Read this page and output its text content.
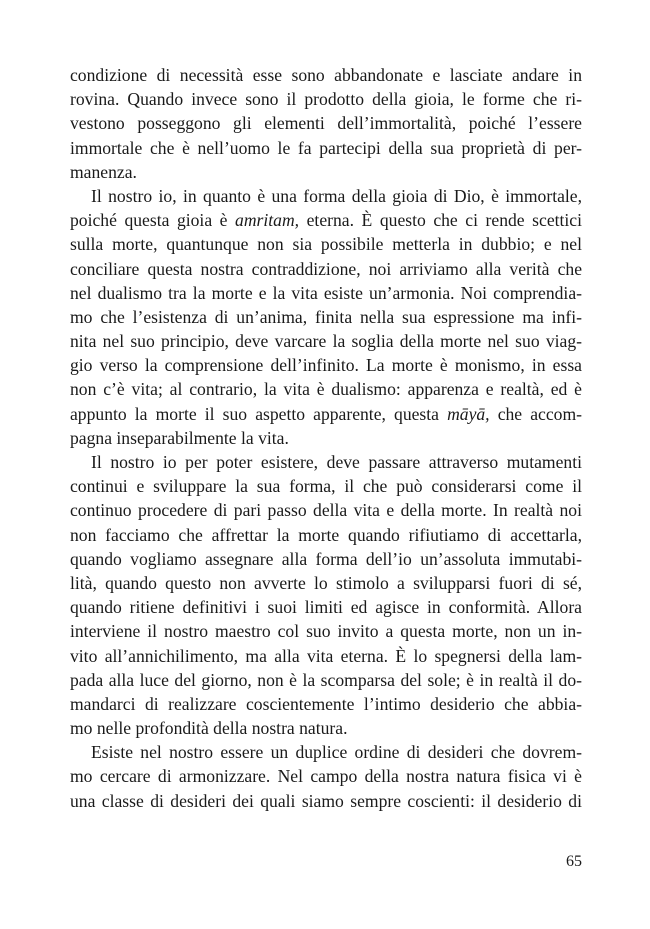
condizione di necessità esse sono abbandonate e lasciate andare in
rovina. Quando invece sono il prodotto della gioia, le forme che ri-
vestono posseggono gli elementi dell’immortalità, poiché l’essere
immortale che è nell’uomo le fa partecipi della sua proprietà di per-
manenza.
Il nostro io, in quanto è una forma della gioia di Dio, è immortale,
poiché questa gioia è amritam, eterna. È questo che ci rende scettici
sulla morte, quantunque non sia possibile metterla in dubbio; e nel
conciliare questa nostra contraddizione, noi arriviamo alla verità che
nel dualismo tra la morte e la vita esiste un’armonia. Noi comprendia-
mo che l’esistenza di un’anima, finita nella sua espressione ma infi-
nita nel suo principio, deve varcare la soglia della morte nel suo viag-
gio verso la comprensione dell’infinito. La morte è monismo, in essa
non c’è vita; al contrario, la vita è dualismo: apparenza e realtà, ed è
appunto la morte il suo aspetto apparente, questa māyā, che accom-
pagna inseparabilmente la vita.
Il nostro io per poter esistere, deve passare attraverso mutamenti
continui e sviluppare la sua forma, il che può considerarsi come il
continuo procedere di pari passo della vita e della morte. In realtà noi
non facciamo che affrettar la morte quando rifiutiamo di accettarla,
quando vogliamo assegnare alla forma dell’io un’assoluta immutabi-
lità, quando questo non avverte lo stimolo a svilupparsi fuori di sé,
quando ritiene definitivi i suoi limiti ed agisce in conformità. Allora
interviene il nostro maestro col suo invito a questa morte, non un in-
vito all’annichilimento, ma alla vita eterna. È lo spegnersi della lam-
pada alla luce del giorno, non è la scomparsa del sole; è in realtà il do-
mandarci di realizzare coscientemente l’intimo desiderio che abbia-
mo nelle profondità della nostra natura.
Esiste nel nostro essere un duplice ordine di desideri che dovrem-
mo cercare di armonizzare. Nel campo della nostra natura fisica vi è
una classe di desideri dei quali siamo sempre coscienti: il desiderio di
65
